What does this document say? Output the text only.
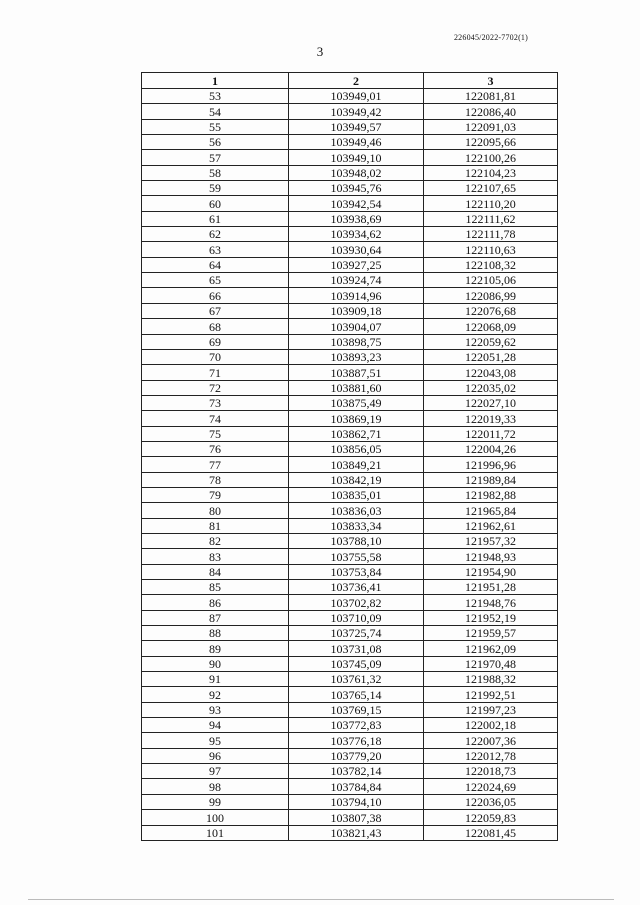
226045/2022-7702(1)
3
1	2	3
53	103949,01	122081,81
54	103949,42	122086,40
55	103949,57	122091,03
56	103949,46	122095,66
57	103949,10	122100,26
58	103948,02	122104,23
59	103945,76	122107,65
60	103942,54	122110,20
61	103938,69	122111,62
62	103934,62	122111,78
63	103930,64	122110,63
64	103927,25	122108,32
65	103924,74	122105,06
66	103914,96	122086,99
67	103909,18	122076,68
68	103904,07	122068,09
69	103898,75	122059,62
70	103893,23	122051,28
71	103887,51	122043,08
72	103881,60	122035,02
73	103875,49	122027,10
74	103869,19	122019,33
75	103862,71	122011,72
76	103856,05	122004,26
77	103849,21	121996,96
78	103842,19	121989,84
79	103835,01	121982,88
80	103836,03	121965,84
81	103833,34	121962,61
82	103788,10	121957,32
83	103755,58	121948,93
84	103753,84	121954,90
85	103736,41	121951,28
86	103702,82	121948,76
87	103710,09	121952,19
88	103725,74	121959,57
89	103731,08	121962,09
90	103745,09	121970,48
91	103761,32	121988,32
92	103765,14	121992,51
93	103769,15	121997,23
94	103772,83	122002,18
95	103776,18	122007,36
96	103779,20	122012,78
97	103782,14	122018,73
98	103784,84	122024,69
99	103794,10	122036,05
100	103807,38	122059,83
101	103821,43	122081,45
